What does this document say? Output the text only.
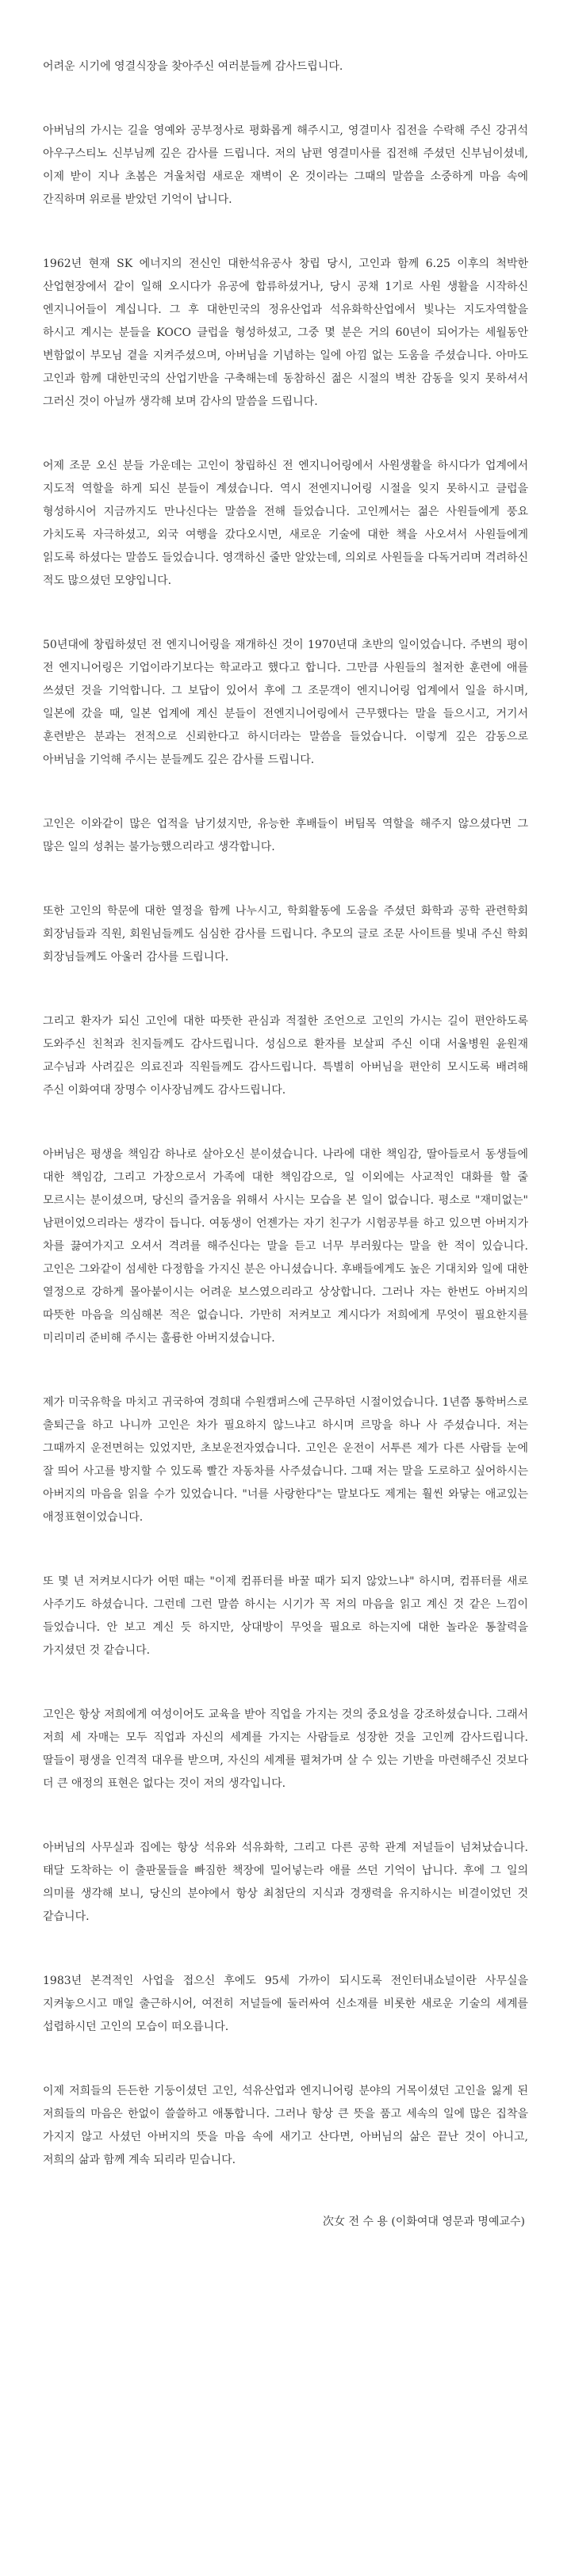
어려운 시기에 영결식장을 찾아주신 여러분들께 감사드립니다.

아버님의 가시는 길을 영예와 공부정사로 평화롭게 해주시고, 영결미사 집전을 수락해 주신 강귀석 아우구스티노 신부님께 깊은 감사를 드립니다. 저의 남편 영결미사를 집전해 주셨던 신부님이셨네, 이제 받이 지나 초봄은 겨울처럼 새로운 재벽이 온 것이라는 그때의 말씀을 소중하게 마음 속에 간직하며 위로를 받았던 기억이 납니다.

1962년 현재 SK 에너지의 전신인 대한석유공사 창립 당시, 고인과 함께 6.25 이후의 척박한 산업현장에서 같이 일해 오시다가 유공에 합류하셨거나, 당시 공채 1기로 사원 생활을 시작하신 엔지니어들이 계십니다. 그 후 대한민국의 정유산업과 석유화학산업에서 빛나는 지도자역할을 하시고 계시는 분들을 KOCO 클럽을 형성하셨고, 그중 몇 분은 거의 60년이 되어가는 세월동안 변함없이 부모님 곁을 지켜주셨으며, 아버님을 기념하는 일에 아낌 없는 도움을 주셨습니다. 아마도 고인과 함께 대한민국의 산업기반을 구축해는데 동참하신 젊은 시절의 벽찬 감동을 잊지 못하셔서 그러신 것이 아닐까 생각해 보며 감사의 말씀을 드립니다.

어제 조문 오신 분들 가운데는 고인이 창립하신 전 엔지니어링에서 사원생활을 하시다가 업계에서 지도적 역할을 하게 되신 분들이 계셨습니다. 역시 전엔지니어링 시절을 잊지 못하시고 클럽을 형성하시어 지금까지도 만나신다는 말씀을 전해 들었습니다. 고인께서는 젊은 사원들에게 풍요 가치도록 자극하셨고, 외국 여행을 갔다오시면, 새로운 기술에 대한 책을 사오셔서 사원들에게 읽도록 하셨다는 말씀도 들었습니다. 영객하신 줄만 알았는데, 의외로 사원들을 다독거리며 격려하신 적도 많으셨던 모양입니다.

50년대에 창립하셨던 전 엔지니어링을 재개하신 것이 1970년대 초반의 일이었습니다. 주변의 평이 전 엔지니어링은 기업이라기보다는 학교라고 했다고 합니다. 그만큼 사원들의 철저한 훈련에 애를 쓰셨던 것을 기억합니다. 그 보답이 있어서 후에 그 조문객이 엔지니어링 업계에서 일을 하시며, 일본에 갔을 때, 일본 업계에 계신 분들이 전엔지니어링에서 근무했다는 말을 들으시고, 거기서 훈련받은 분과는 전적으로 신뢰한다고 하시더라는 말씀을 들었습니다. 이렇게 깊은 감동으로 아버님을 기억해 주시는 분들께도 깊은 감사를 드립니다.

고인은 이와같이 많은 업적을 남기셨지만, 유능한 후배들이 버팀목 역할을 해주지 않으셨다면 그 많은 일의 성취는 불가능했으리라고 생각합니다.

또한 고인의 학문에 대한 열정을 함께 나누시고, 학회활동에 도움을 주셨던 화학과 공학 관련학회 회장님들과 직원, 회원님들께도 심심한 감사를 드립니다. 추모의 글로 조문 사이트를 빛내 주신 학회 회장님들께도 아울러 감사를 드립니다.

그리고 환자가 되신 고인에 대한 따뜻한 관심과 적절한 조언으로 고인의 가시는 길이 편안하도록 도와주신 친척과 친지들께도 감사드립니다. 성심으로 환자를 보살피 주신 이대 서울병원 윤원재 교수님과 사려깊은 의료진과 직원들께도 감사드립니다. 특별히 아버님을 편안히 모시도록 배려해 주신 이화여대 장명수 이사장님께도 감사드립니다.

아버님은 평생을 책임감 하나로 살아오신 분이셨습니다. 나라에 대한 책임감, 딸아들로서 동생들에 대한 책임감, 그리고 가장으로서 가족에 대한 책임감으로, 일 이외에는 사교적인 대화를 할 줄 모르시는 분이셨으며, 당신의 즐거움을 위해서 사시는 모습을 본 일이 없습니다. 평소로 "재미없는" 남편이었으리라는 생각이 듭니다. 여동생이 언젠가는 자기 친구가 시험공부를 하고 있으면 아버지가 차를 끓여가지고 오셔서 격려를 해주신다는 말을 듣고 너무 부러웠다는 말을 한 적이 있습니다. 고인은 그와같이 섬세한 다정함을 가지신 분은 아니셨습니다. 후배들에게도 높은 기대치와 일에 대한 열정으로 강하게 몰아붙이시는 어려운 보스였으리라고 상상합니다. 그러나 자는 한번도 아버지의 따뜻한 마음을 의심해본 적은 없습니다. 가만히 저켜보고 계시다가 저희에게 무엇이 필요한지를 미리미리 준비해 주시는 훌륭한 아버지셨습니다.

제가 미국유학을 마치고 귀국하여 경희대 수원캠퍼스에 근무하던 시절이었습니다. 1년쯤 통학버스로 출퇴근을 하고 나니까 고인은 차가 필요하지 않느냐고 하시며 르망을 하나 사 주셨습니다. 저는 그때까지 운전면허는 있었지만, 초보운전자였습니다. 고인은 운전이 서투른 제가 다른 사람들 눈에 잘 띄어 사고를 방지할 수 있도록 빨간 자동차를 사주셨습니다. 그때 저는 말을 도로하고 싶어하시는 아버지의 마음을 읽을 수가 있었습니다. "너를 사랑한다"는 말보다도 제게는 훨씬 와닿는 애교있는 애정표현이었습니다.

또 몇 년 저켜보시다가 어떤 때는 "이제 컴퓨터를 바꿀 때가 되지 않았느냐" 하시며, 컴퓨터를 새로 사주기도 하셨습니다. 그런데 그런 말씀 하시는 시기가 꼭 저의 마음을 읽고 계신 것 같은 느낌이 들었습니다. 안 보고 계신 듯 하지만, 상대방이 무엇을 필요로 하는지에 대한 놀라운 통찰력을 가지셨던 것 같습니다.

고인은 항상 저희에게 여성이어도 교육을 받아 직업을 가지는 것의 중요성을 강조하셨습니다. 그래서 저희 세 자매는 모두 직업과 자신의 세계를 가지는 사람들로 성장한 것을 고인께 감사드립니다. 딸들이 평생을 인격적 대우를 받으며, 자신의 세계를 펼쳐가며 살 수 있는 기반을 마련해주신 것보다 더 큰 애정의 표현은 없다는 것이 저의 생각입니다.

아버님의 사무실과 집에는 항상 석유와 석유화학, 그리고 다른 공학 관계 저널들이 넘쳐났습니다. 태달 도착하는 이 출판물들을 빠짐한 책장에 밀어넣는라 애를 쓰던 기억이 납니다. 후에 그 일의 의미를 생각해 보니, 당신의 분야에서 항상 최첨단의 지식과 경쟁력을 유지하시는 비결이었던 것 같습니다.

1983년 본격적인 사업을 접으신 후에도 95세 가까이 되시도록 전인터내쇼널이란 사무실을 지켜놓으시고 매일 출근하시어, 여전히 저널들에 둘러싸여 신소재를 비롯한 새로운 기술의 세계를 섭렵하시던 고인의 모습이 떠오릅니다.

이제 저희들의 든든한 기둥이셨던 고인, 석유산업과 엔지니어링 분야의 거목이셨던 고인을 잃게 된 저희들의 마음은 한없이 쓸쓸하고 애통합니다. 그러나 항상 큰 뜻을 품고 세속의 일에 많은 집착을 가지지 않고 사셨던 아버지의 뜻을 마음 속에 새기고 산다면, 아버님의 삶은 끝난 것이 아니고, 저희의 삶과 함께 계속 되리라 믿습니다.

次女 전 수 용 (이화여대 영문과 명예교수)
